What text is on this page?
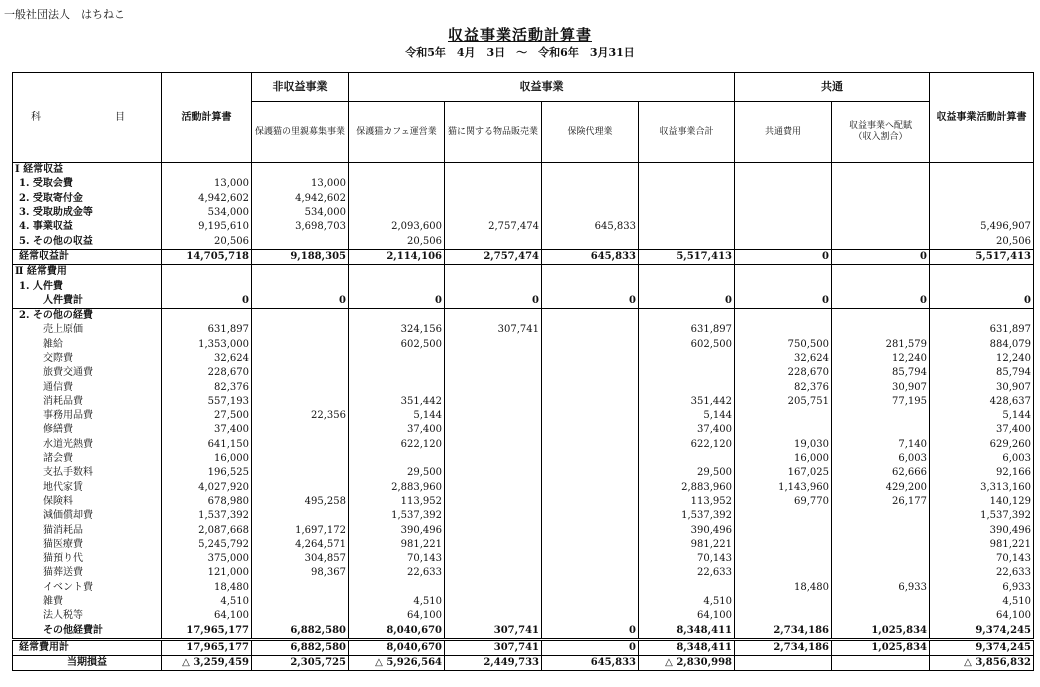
一般社団法人　はちねこ
収益事業活動計算書
令和5年　4月　3日　～　令和6年　3月31日
科　　目	活動計算書	非収益事業	収益事業				共通		収益事業活動計算書
		保護猫の里親募集事業	保護猫カフェ運営業	猫に関する物品販売業	保険代理業	収益事業合計	共通費用	収益事業へ配賦
（収入割合）	
Ⅰ 経常収益									
1. 受取会費	13,000	13,000							
2. 受取寄付金	4,942,602	4,942,602							
3. 受取助成金等	534,000	534,000							
4. 事業収益	9,195,610	3,698,703	2,093,600	2,757,474	645,833				5,496,907
5. その他の収益	20,506		20,506						20,506
経常収益計	14,705,718	9,188,305	2,114,106	2,757,474	645,833	5,517,413	0	0	5,517,413
Ⅱ 経常費用									
1. 人件費									
人件費計	0	0	0	0	0	0	0	0	0
2. その他の経費									
売上原価	631,897		324,156	307,741		631,897			631,897
雑給	1,353,000		602,500			602,500	750,500	281,579	884,079
交際費	32,624						32,624	12,240	12,240
旅費交通費	228,670						228,670	85,794	85,794
通信費	82,376						82,376	30,907	30,907
消耗品費	557,193		351,442			351,442	205,751	77,195	428,637
事務用品費	27,500	22,356	5,144			5,144			5,144
修繕費	37,400		37,400			37,400			37,400
水道光熱費	641,150		622,120			622,120	19,030	7,140	629,260
諸会費	16,000						16,000	6,003	6,003
支払手数料	196,525		29,500			29,500	167,025	62,666	92,166
地代家賃	4,027,920		2,883,960			2,883,960	1,143,960	429,200	3,313,160
保険料	678,980	495,258	113,952			113,952	69,770	26,177	140,129
減価償却費	1,537,392		1,537,392			1,537,392			1,537,392
猫消耗品	2,087,668	1,697,172	390,496			390,496			390,496
猫医療費	5,245,792	4,264,571	981,221			981,221			981,221
猫預り代	375,000	304,857	70,143			70,143			70,143
猫葬送費	121,000	98,367	22,633			22,633			22,633
イベント費	18,480						18,480	6,933	6,933
雑費	4,510		4,510			4,510			4,510
法人税等	64,100		64,100			64,100			64,100
その他経費計	17,965,177	6,882,580	8,040,670	307,741	0	8,348,411	2,734,186	1,025,834	9,374,245
経常費用計	17,965,177	6,882,580	8,040,670	307,741	0	8,348,411	2,734,186	1,025,834	9,374,245
当期損益	△ 3,259,459	2,305,725	△ 5,926,564	2,449,733	645,833	△ 2,830,998			△ 3,856,832
